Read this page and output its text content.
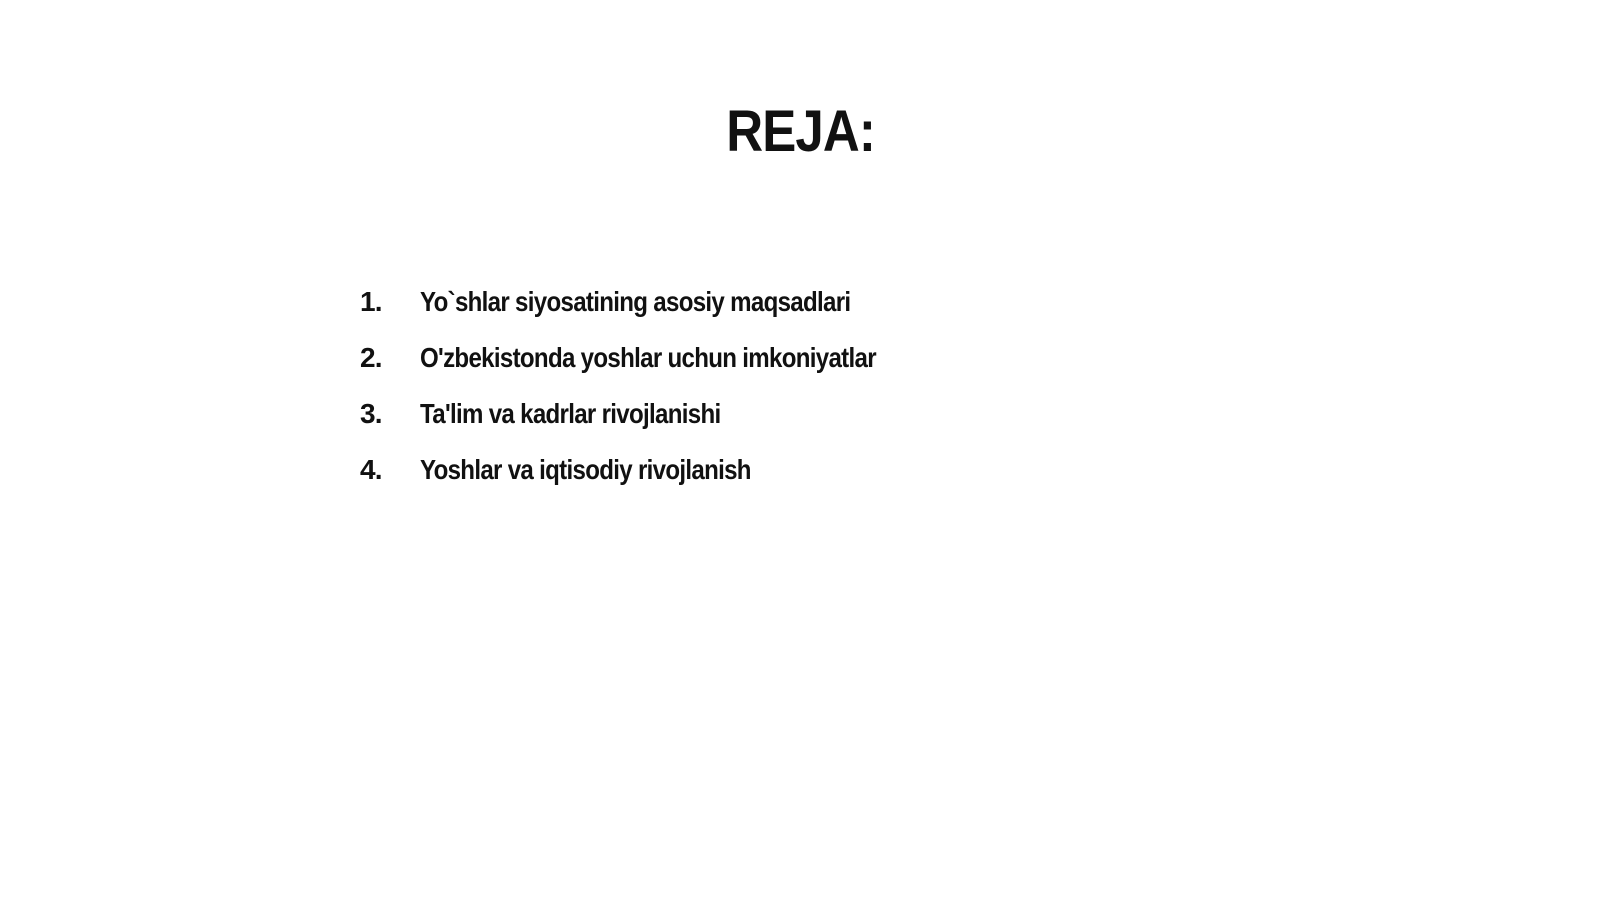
REJA:
1.	Yo`shlar siyosatining asosiy maqsadlari
2.	O'zbekistonda yoshlar uchun imkoniyatlar
3.	Ta'lim va kadrlar rivojlanishi
4.	Yoshlar va iqtisodiy rivojlanish
